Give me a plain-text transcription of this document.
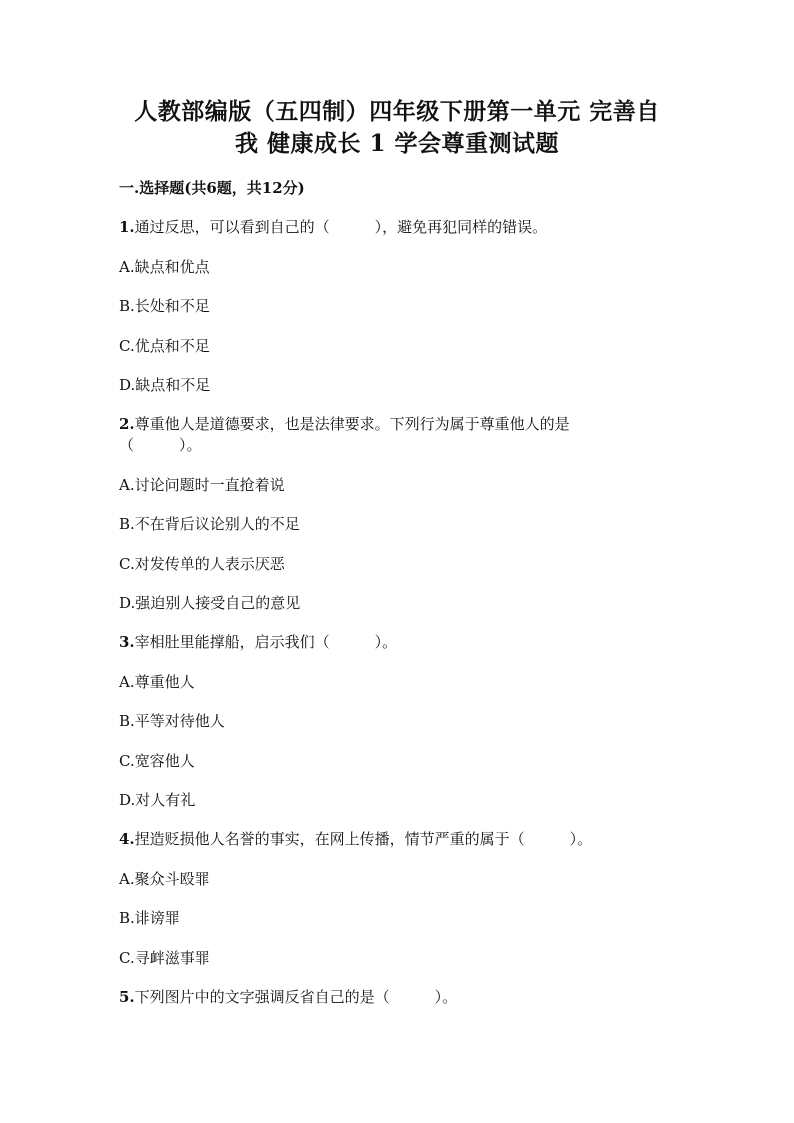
人教部编版（五四制）四年级下册第一单元 完善自
我 健康成长 1 学会尊重测试题
一.选择题(共6题，共12分)
1.通过反思，可以看到自己的（　　　），避免再犯同样的错误。
A.缺点和优点
B.长处和不足
C.优点和不足
D.缺点和不足
2.尊重他人是道德要求，也是法律要求。下列行为属于尊重他人的是
（　　　）。
A.讨论问题时一直抢着说
B.不在背后议论别人的不足
C.对发传单的人表示厌恶
D.强迫别人接受自己的意见
3.宰相肚里能撑船，启示我们（　　　）。
A.尊重他人
B.平等对待他人
C.宽容他人
D.对人有礼
4.捏造贬损他人名誉的事实，在网上传播，情节严重的属于（　　　）。
A.聚众斗殴罪
B.诽谤罪
C.寻衅滋事罪
5.下列图片中的文字强调反省自己的是（　　　）。
